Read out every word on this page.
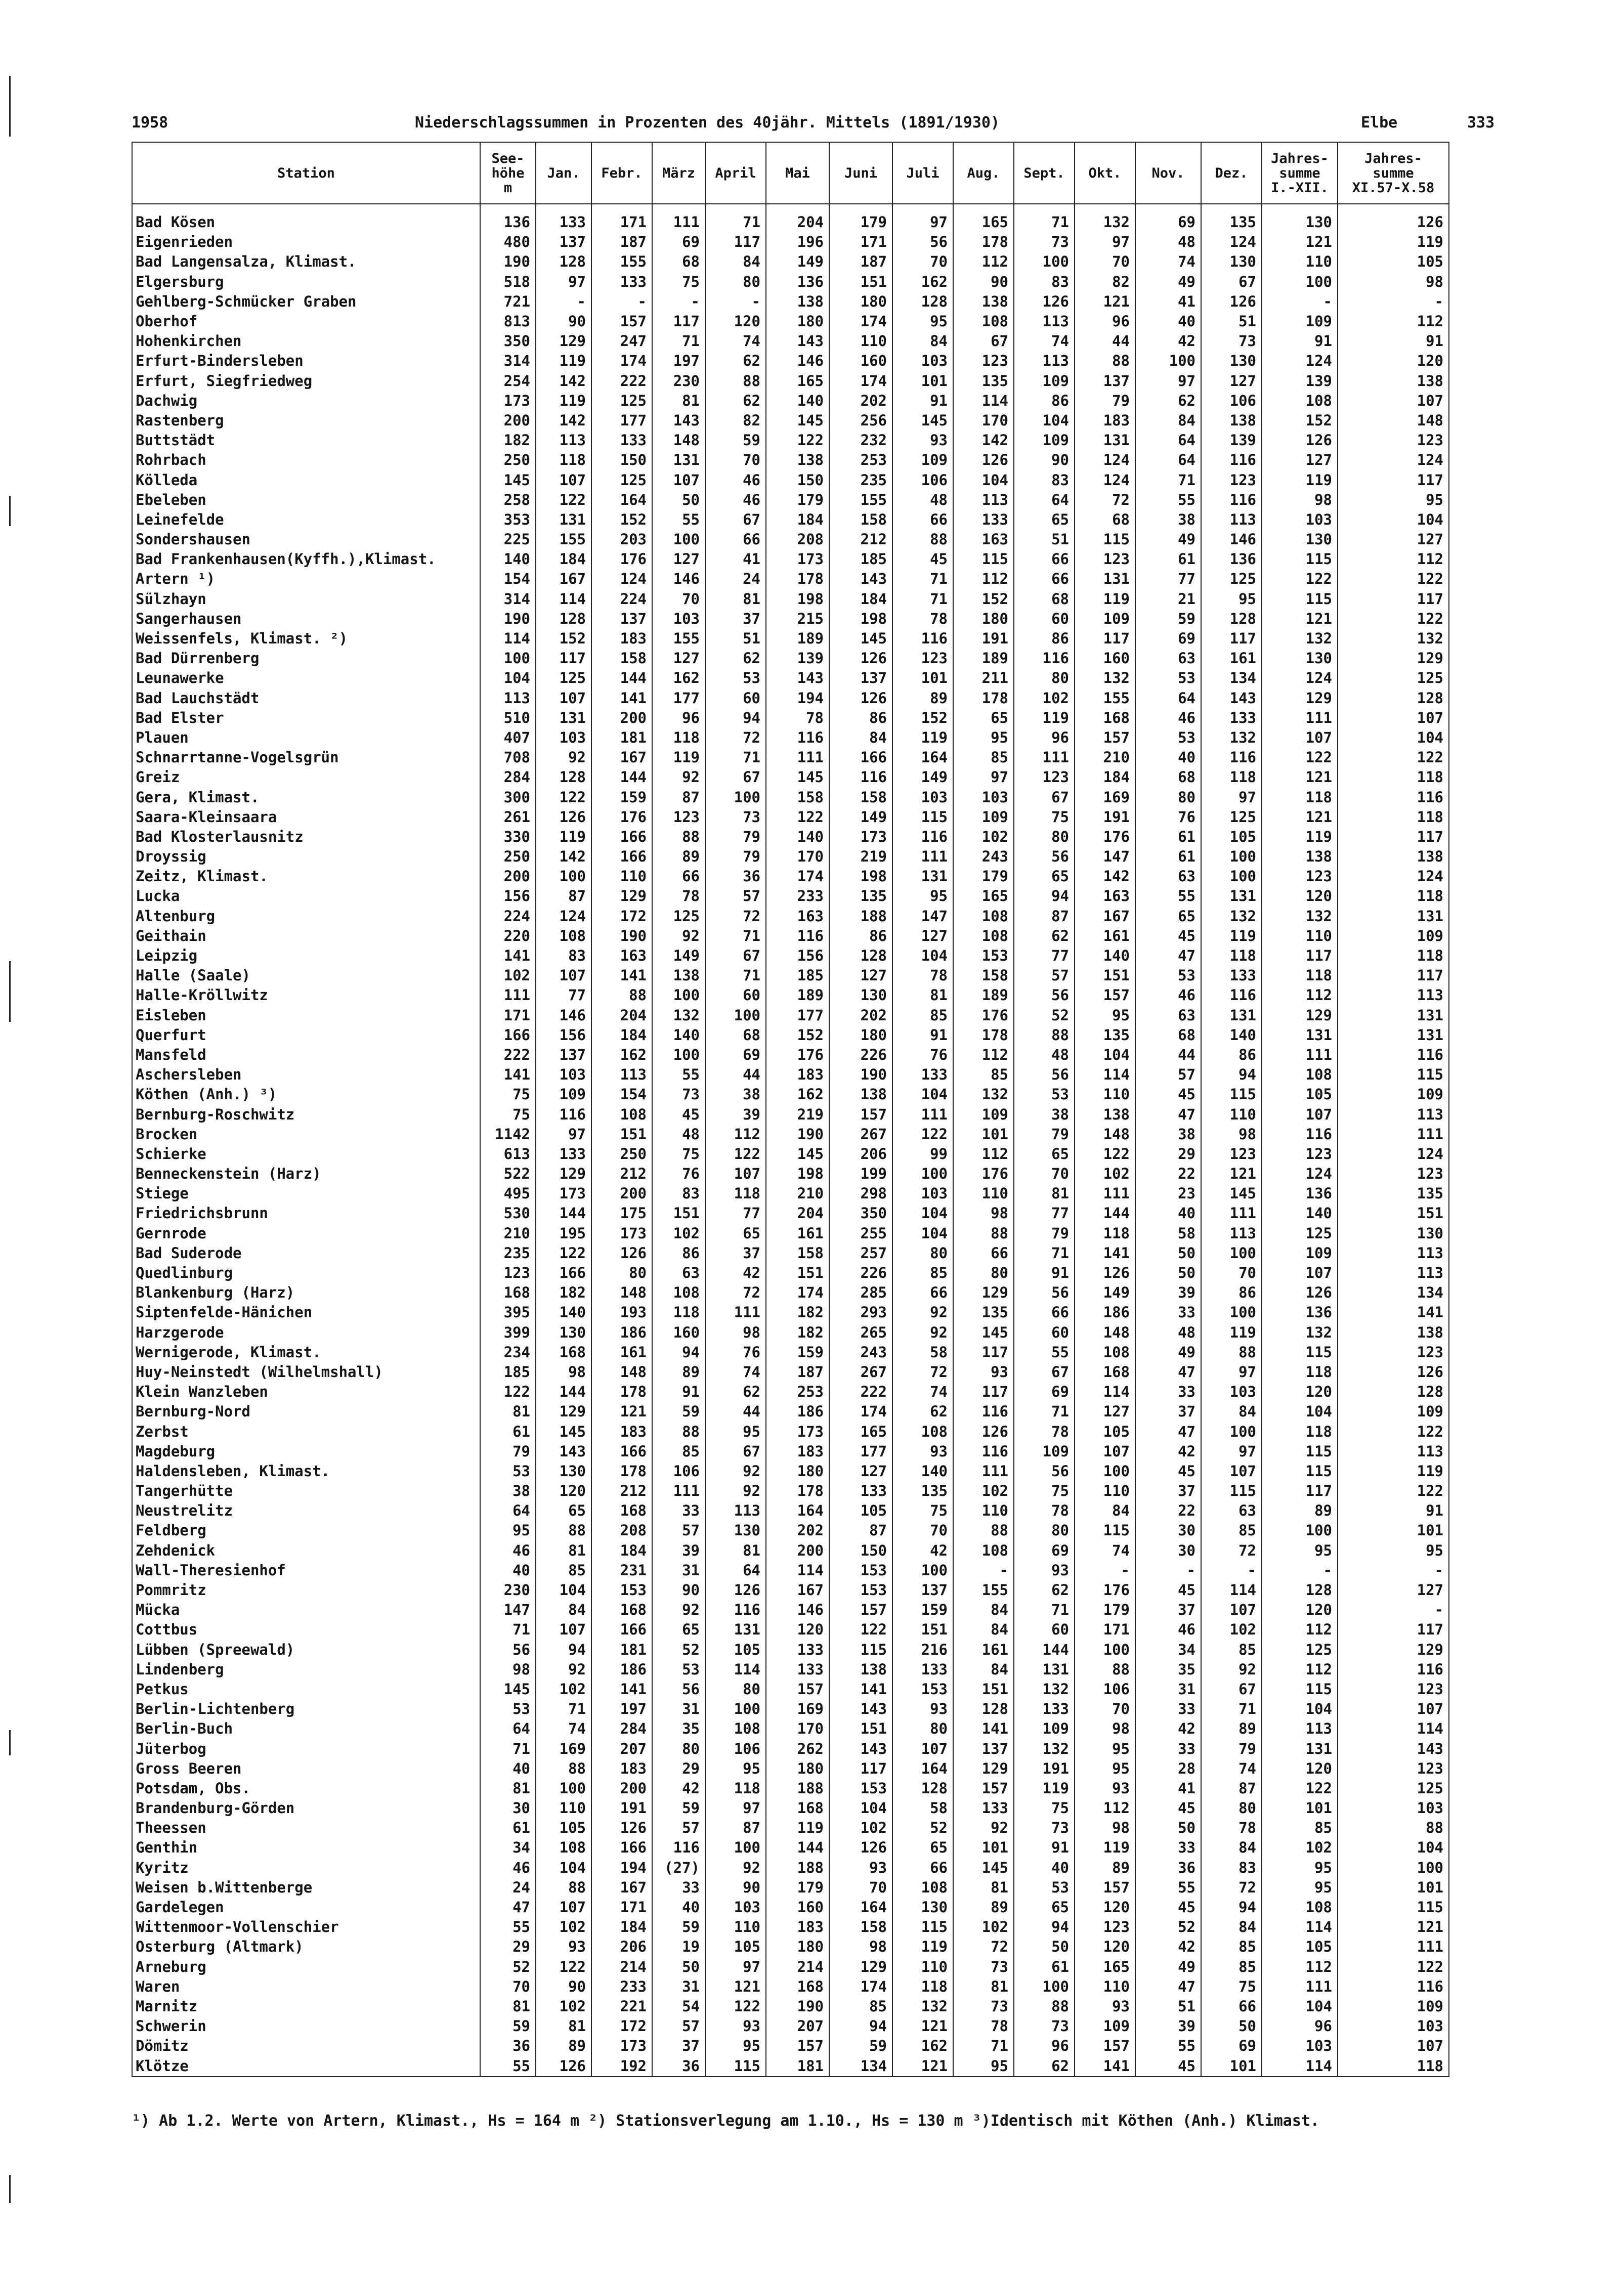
1958	Niederschlagssummen in Prozenten des 40jähr. Mittels (1891/1930)	Elbe	333
Station	See-
höhe
m	Jan.	Febr.	März	April	Mai	Juni	Juli	Aug.	Sept.	Okt.	Nov.	Dez.	Jahres-
summe
I.-XII.	Jahres-
summe
XI.57-X.58
Bad Kösen	136	133	171	111	71	204	179	97	165	71	132	69	135	130	126
Eigenrieden	480	137	187	69	117	196	171	56	178	73	97	48	124	121	119
Bad Langensalza, Klimast.	190	128	155	68	84	149	187	70	112	100	70	74	130	110	105
Elgersburg	518	97	133	75	80	136	151	162	90	83	82	49	67	100	98
Gehlberg-Schmücker Graben	721	-	-	-	-	138	180	128	138	126	121	41	126	-	-
Oberhof	813	90	157	117	120	180	174	95	108	113	96	40	51	109	112
Hohenkirchen	350	129	247	71	74	143	110	84	67	74	44	42	73	91	91
Erfurt-Bindersleben	314	119	174	197	62	146	160	103	123	113	88	100	130	124	120
Erfurt, Siegfriedweg	254	142	222	230	88	165	174	101	135	109	137	97	127	139	138
Dachwig	173	119	125	81	62	140	202	91	114	86	79	62	106	108	107
Rastenberg	200	142	177	143	82	145	256	145	170	104	183	84	138	152	148
Buttstädt	182	113	133	148	59	122	232	93	142	109	131	64	139	126	123
Rohrbach	250	118	150	131	70	138	253	109	126	90	124	64	116	127	124
Kölleda	145	107	125	107	46	150	235	106	104	83	124	71	123	119	117
Ebeleben	258	122	164	50	46	179	155	48	113	64	72	55	116	98	95
Leinefelde	353	131	152	55	67	184	158	66	133	65	68	38	113	103	104
Sondershausen	225	155	203	100	66	208	212	88	163	51	115	49	146	130	127
Bad Frankenhausen(Kyffh.),Klimast.	140	184	176	127	41	173	185	45	115	66	123	61	136	115	112
Artern ¹)	154	167	124	146	24	178	143	71	112	66	131	77	125	122	122
Sülzhayn	314	114	224	70	81	198	184	71	152	68	119	21	95	115	117
Sangerhausen	190	128	137	103	37	215	198	78	180	60	109	59	128	121	122
Weissenfels, Klimast. ²)	114	152	183	155	51	189	145	116	191	86	117	69	117	132	132
Bad Dürrenberg	100	117	158	127	62	139	126	123	189	116	160	63	161	130	129
Leunawerke	104	125	144	162	53	143	137	101	211	80	132	53	134	124	125
Bad Lauchstädt	113	107	141	177	60	194	126	89	178	102	155	64	143	129	128
Bad Elster	510	131	200	96	94	78	86	152	65	119	168	46	133	111	107
Plauen	407	103	181	118	72	116	84	119	95	96	157	53	132	107	104
Schnarrtanne-Vogelsgrün	708	92	167	119	71	111	166	164	85	111	210	40	116	122	122
Greiz	284	128	144	92	67	145	116	149	97	123	184	68	118	121	118
Gera, Klimast.	300	122	159	87	100	158	158	103	103	67	169	80	97	118	116
Saara-Kleinsaara	261	126	176	123	73	122	149	115	109	75	191	76	125	121	118
Bad Klosterlausnitz	330	119	166	88	79	140	173	116	102	80	176	61	105	119	117
Droyssig	250	142	166	89	79	170	219	111	243	56	147	61	100	138	138
Zeitz, Klimast.	200	100	110	66	36	174	198	131	179	65	142	63	100	123	124
Lucka	156	87	129	78	57	233	135	95	165	94	163	55	131	120	118
Altenburg	224	124	172	125	72	163	188	147	108	87	167	65	132	132	131
Geithain	220	108	190	92	71	116	86	127	108	62	161	45	119	110	109
Leipzig	141	83	163	149	67	156	128	104	153	77	140	47	118	117	118
Halle (Saale)	102	107	141	138	71	185	127	78	158	57	151	53	133	118	117
Halle-Kröllwitz	111	77	88	100	60	189	130	81	189	56	157	46	116	112	113
Eisleben	171	146	204	132	100	177	202	85	176	52	95	63	131	129	131
Querfurt	166	156	184	140	68	152	180	91	178	88	135	68	140	131	131
Mansfeld	222	137	162	100	69	176	226	76	112	48	104	44	86	111	116
Aschersleben	141	103	113	55	44	183	190	133	85	56	114	57	94	108	115
Köthen (Anh.) ³)	75	109	154	73	38	162	138	104	132	53	110	45	115	105	109
Bernburg-Roschwitz	75	116	108	45	39	219	157	111	109	38	138	47	110	107	113
Brocken	1142	97	151	48	112	190	267	122	101	79	148	38	98	116	111
Schierke	613	133	250	75	122	145	206	99	112	65	122	29	123	123	124
Benneckenstein (Harz)	522	129	212	76	107	198	199	100	176	70	102	22	121	124	123
Stiege	495	173	200	83	118	210	298	103	110	81	111	23	145	136	135
Friedrichsbrunn	530	144	175	151	77	204	350	104	98	77	144	40	111	140	151
Gernrode	210	195	173	102	65	161	255	104	88	79	118	58	113	125	130
Bad Suderode	235	122	126	86	37	158	257	80	66	71	141	50	100	109	113
Quedlinburg	123	166	80	63	42	151	226	85	80	91	126	50	70	107	113
Blankenburg (Harz)	168	182	148	108	72	174	285	66	129	56	149	39	86	126	134
Siptenfelde-Hänichen	395	140	193	118	111	182	293	92	135	66	186	33	100	136	141
Harzgerode	399	130	186	160	98	182	265	92	145	60	148	48	119	132	138
Wernigerode, Klimast.	234	168	161	94	76	159	243	58	117	55	108	49	88	115	123
Huy-Neinstedt (Wilhelmshall)	185	98	148	89	74	187	267	72	93	67	168	47	97	118	126
Klein Wanzleben	122	144	178	91	62	253	222	74	117	69	114	33	103	120	128
Bernburg-Nord	81	129	121	59	44	186	174	62	116	71	127	37	84	104	109
Zerbst	61	145	183	88	95	173	165	108	126	78	105	47	100	118	122
Magdeburg	79	143	166	85	67	183	177	93	116	109	107	42	97	115	113
Haldensleben, Klimast.	53	130	178	106	92	180	127	140	111	56	100	45	107	115	119
Tangerhütte	38	120	212	111	92	178	133	135	102	75	110	37	115	117	122
Neustrelitz	64	65	168	33	113	164	105	75	110	78	84	22	63	89	91
Feldberg	95	88	208	57	130	202	87	70	88	80	115	30	85	100	101
Zehdenick	46	81	184	39	81	200	150	42	108	69	74	30	72	95	95
Wall-Theresienhof	40	85	231	31	64	114	153	100	-	93	-	-	-	-	-
Pommritz	230	104	153	90	126	167	153	137	155	62	176	45	114	128	127
Mücka	147	84	168	92	116	146	157	159	84	71	179	37	107	120	-
Cottbus	71	107	166	65	131	120	122	151	84	60	171	46	102	112	117
Lübben (Spreewald)	56	94	181	52	105	133	115	216	161	144	100	34	85	125	129
Lindenberg	98	92	186	53	114	133	138	133	84	131	88	35	92	112	116
Petkus	145	102	141	56	80	157	141	153	151	132	106	31	67	115	123
Berlin-Lichtenberg	53	71	197	31	100	169	143	93	128	133	70	33	71	104	107
Berlin-Buch	64	74	284	35	108	170	151	80	141	109	98	42	89	113	114
Jüterbog	71	169	207	80	106	262	143	107	137	132	95	33	79	131	143
Gross Beeren	40	88	183	29	95	180	117	164	129	191	95	28	74	120	123
Potsdam, Obs.	81	100	200	42	118	188	153	128	157	119	93	41	87	122	125
Brandenburg-Görden	30	110	191	59	97	168	104	58	133	75	112	45	80	101	103
Theessen	61	105	126	57	87	119	102	52	92	73	98	50	78	85	88
Genthin	34	108	166	116	100	144	126	65	101	91	119	33	84	102	104
Kyritz	46	104	194	(27)	92	188	93	66	145	40	89	36	83	95	100
Weisen b.Wittenberge	24	88	167	33	90	179	70	108	81	53	157	55	72	95	101
Gardelegen	47	107	171	40	103	160	164	130	89	65	120	45	94	108	115
Wittenmoor-Vollenschier	55	102	184	59	110	183	158	115	102	94	123	52	84	114	121
Osterburg (Altmark)	29	93	206	19	105	180	98	119	72	50	120	42	85	105	111
Arneburg	52	122	214	50	97	214	129	110	73	61	165	49	85	112	122
Waren	70	90	233	31	121	168	174	118	81	100	110	47	75	111	116
Marnitz	81	102	221	54	122	190	85	132	73	88	93	51	66	104	109
Schwerin	59	81	172	57	93	207	94	121	78	73	109	39	50	96	103
Dömitz	36	89	173	37	95	157	59	162	71	96	157	55	69	103	107
Klötze	55	126	192	36	115	181	134	121	95	62	141	45	101	114	118
¹) Ab 1.2. Werte von Artern, Klimast., Hs = 164 m ²) Stationsverlegung am 1.10., Hs = 130 m ³)Identisch mit Köthen (Anh.) Klimast.
